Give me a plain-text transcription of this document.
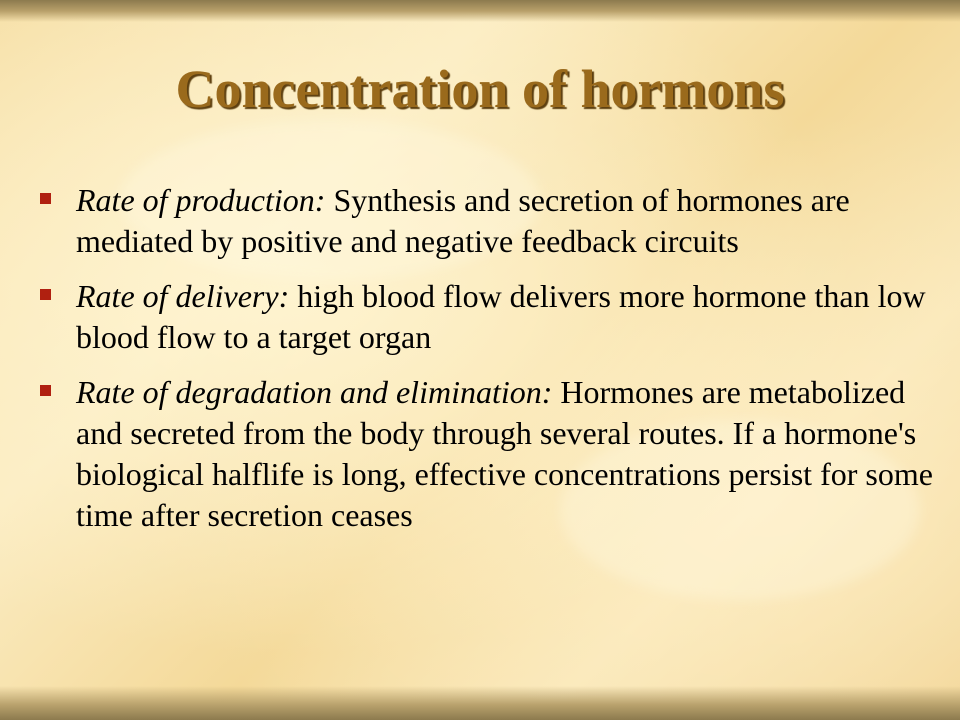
Concentration of hormons
Rate of production: Synthesis and secretion of hormones are mediated by positive and negative feedback circuits
Rate of delivery: high blood flow delivers more hormone than low blood flow to a target organ
Rate of degradation and elimination: Hormones are metabolized and secreted from the body through several routes. If a hormone's biological halflife is long, effective concentrations persist for some time after secretion ceases
